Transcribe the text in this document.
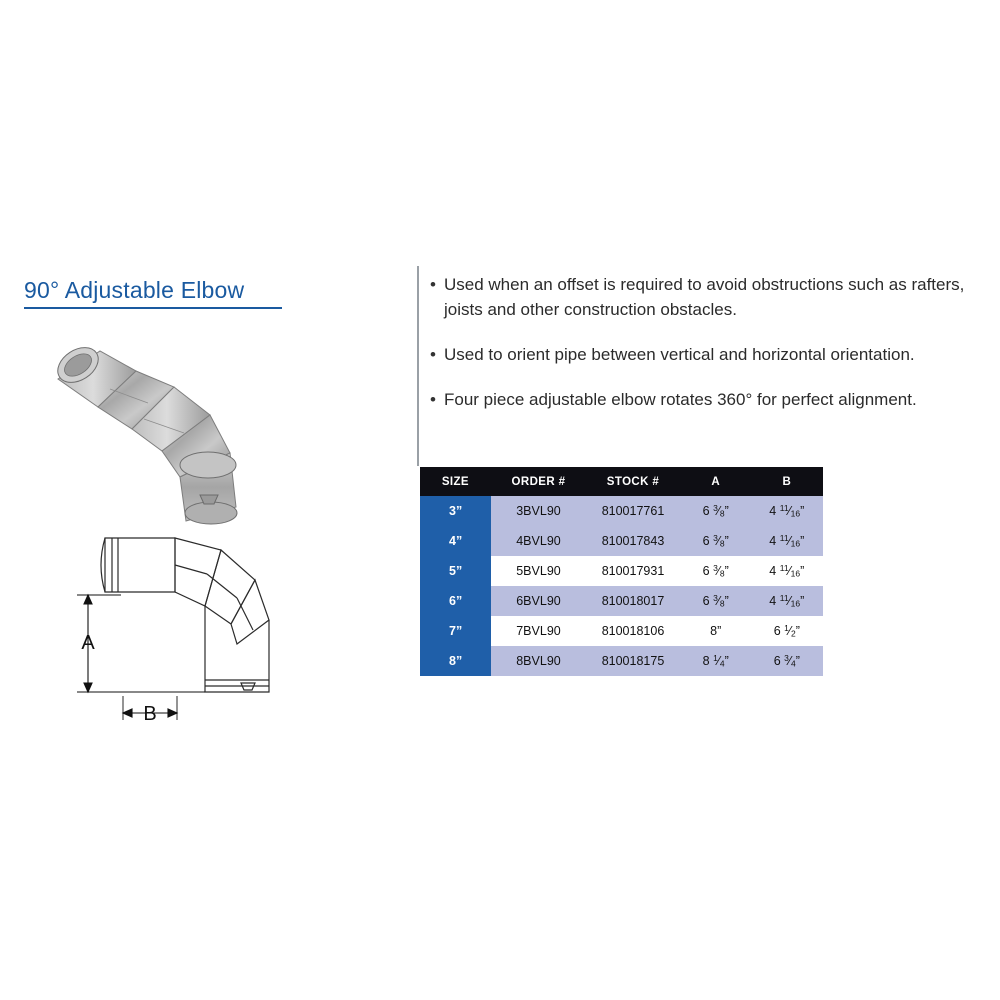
90° Adjustable Elbow
A
B
• Used when an offset is required to avoid obstructions such as rafters, joists and other construction obstacles.
• Used to orient pipe between vertical and horizontal orientation.
• Four piece adjustable elbow rotates 360° for perfect alignment.
SIZE	ORDER #	STOCK #	A	B
3”	3BVL90	810017761	6 $^3⁄_8$”	4 $^{11}⁄_{16}$”
4”	4BVL90	810017843	6 $^3⁄_8$”	4 $^{11}⁄_{16}$”
5”	5BVL90	810017931	6 $^3⁄_8$”	4 $^{11}⁄_{16}$”
6”	6BVL90	810018017	6 $^3⁄_8$”	4 $^{11}⁄_{16}$”
7”	7BVL90	810018106	8”	6 $^1⁄_2$”
8”	8BVL90	810018175	8 $^1⁄_4$”	6 $^3⁄_4$”
